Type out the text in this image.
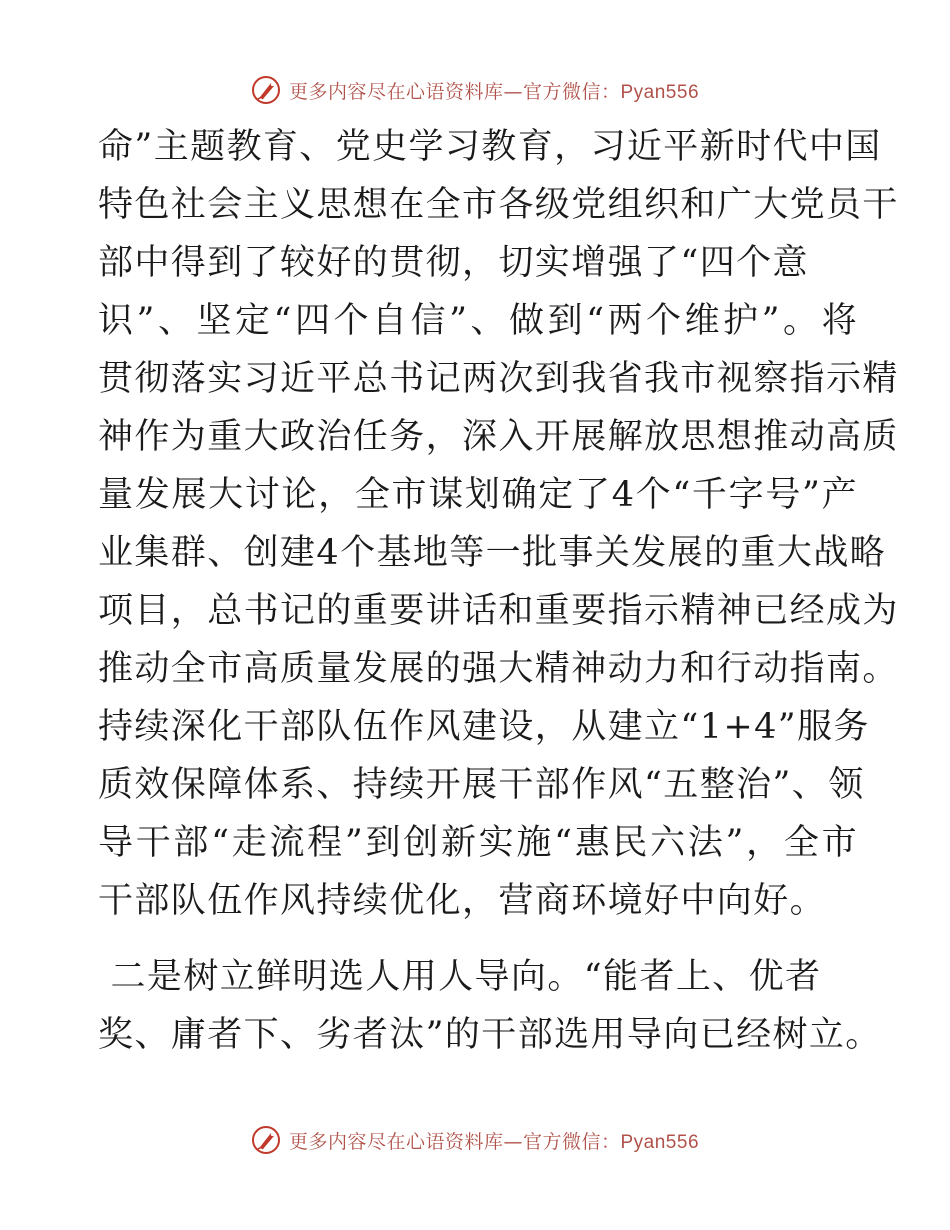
更多内容尽在心语资料库—官方微信：Pyan556
命”主题教育、党史学习教育，习近平新时代中国
特色社会主义思想在全市各级党组织和广大党员干
部中得到了较好的贯彻，切实增强了“四个意
识”、坚定“四个自信”、做到“两个维护”。将
贯彻落实习近平总书记两次到我省我市视察指示精
神作为重大政治任务，深入开展解放思想推动高质
量发展大讨论，全市谋划确定了4个“千字号”产
业集群、创建4个基地等一批事关发展的重大战略
项目，总书记的重要讲话和重要指示精神已经成为
推动全市高质量发展的强大精神动力和行动指南。
持续深化干部队伍作风建设，从建立“1+4”服务
质效保障体系、持续开展干部作风“五整治”、领
导干部“走流程”到创新实施“惠民六法”，全市
干部队伍作风持续优化，营商环境好中向好。
二是树立鲜明选人用人导向。“能者上、优者
奖、庸者下、劣者汰”的干部选用导向已经树立。
更多内容尽在心语资料库—官方微信：Pyan556
